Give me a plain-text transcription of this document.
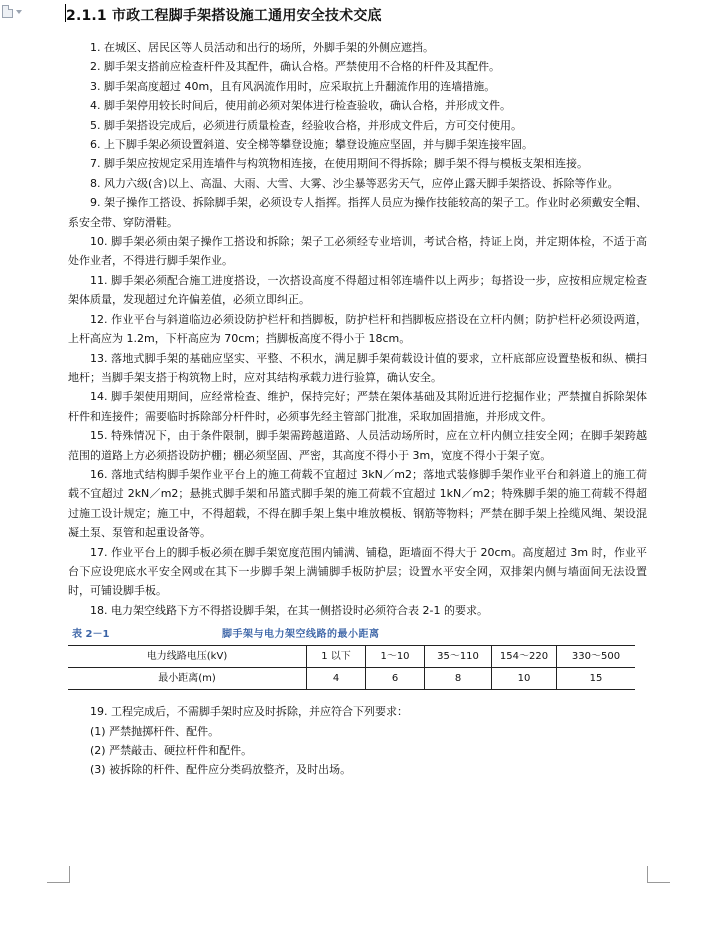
2.1.1 市政工程脚手架搭设施工通用安全技术交底

1. 在城区、居民区等人员活动和出行的场所，外脚手架的外侧应遮挡。

2. 脚手架支搭前应检查杆件及其配件，确认合格。严禁使用不合格的杆件及其配件。

3. 脚手架高度超过 40m，且有风涡流作用时，应采取抗上升翻流作用的连墙措施。

4. 脚手架停用较长时间后，使用前必须对架体进行检查验收，确认合格，并形成文件。

5. 脚手架搭设完成后，必须进行质量检查，经验收合格，并形成文件后，方可交付使用。

6. 上下脚手架必须设置斜道、安全梯等攀登设施；攀登设施应坚固，并与脚手架连接牢固。

7. 脚手架应按规定采用连墙件与构筑物相连接，在使用期间不得拆除；脚手架不得与模板支架相连接。

8. 风力六级(含)以上、高温、大雨、大雪、大雾、沙尘暴等恶劣天气，应停止露天脚手架搭设、拆除等作业。

9. 架子操作工搭设、拆除脚手架，必须设专人指挥。指挥人员应为操作技能较高的架子工。作业时必须戴安全帽、系安全带、穿防滑鞋。

10. 脚手架必须由架子操作工搭设和拆除；架子工必须经专业培训，考试合格，持证上岗，并定期体检，不适于高处作业者，不得进行脚手架作业。

11. 脚手架必须配合施工进度搭设，一次搭设高度不得超过相邻连墙件以上两步；每搭设一步，应按相应规定检查架体质量，发现超过允许偏差值，必须立即纠正。

12. 作业平台与斜道临边必须设防护栏杆和挡脚板，防护栏杆和挡脚板应搭设在立杆内侧；防护栏杆必须设两道，上杆高应为 1.2m，下杆高应为 70cm；挡脚板高度不得小于 18cm。

13. 落地式脚手架的基础应坚实、平整、不积水，满足脚手架荷载设计值的要求，立杆底部应设置垫板和纵、横扫地杆；当脚手架支搭于构筑物上时，应对其结构承载力进行验算，确认安全。

14. 脚手架使用期间，应经常检查、维护，保持完好；严禁在架体基础及其附近进行挖掘作业；严禁擅自拆除架体杆件和连接件；需要临时拆除部分杆件时，必须事先经主管部门批准，采取加固措施，并形成文件。

15. 特殊情况下，由于条件限制，脚手架需跨越道路、人员活动场所时，应在立杆内侧立挂安全网；在脚手架跨越范围的道路上方必须搭设防护棚；棚必须坚固、严密，其高度不得小于 3m，宽度不得小于架子宽。

16. 落地式结构脚手架作业平台上的施工荷载不宜超过 3kN／m2；落地式装修脚手架作业平台和斜道上的施工荷载不宜超过 2kN／m2；悬挑式脚手架和吊篮式脚手架的施工荷载不宜超过 1kN／m2；特殊脚手架的施工荷载不得超过施工设计规定；施工中，不得超载，不得在脚手架上集中堆放模板、钢筋等物料；严禁在脚手架上拴缆风绳、架设混凝土泵、泵管和起重设备等。

17. 作业平台上的脚手板必须在脚手架宽度范围内铺满、铺稳，距墙面不得大于 20cm。高度超过 3m 时，作业平台下应设兜底水平安全网或在其下一步脚手架上满铺脚手板防护层；设置水平安全网，双排架内侧与墙面间无法设置时，可铺设脚手板。

18. 电力架空线路下方不得搭设脚手架，在其一侧搭设时必须符合表 2-1 的要求。

表 2－1	脚手架与电力架空线路的最小距离
电力线路电压(kV)	1 以下	1～10	35～110	154～220	330～500
最小距离(m)	4	6	8	10	15

19. 工程完成后，不需脚手架时应及时拆除，并应符合下列要求：

(1) 严禁抛掷杆件、配件。

(2) 严禁敲击、硬拉杆件和配件。

(3) 被拆除的杆件、配件应分类码放整齐，及时出场。
